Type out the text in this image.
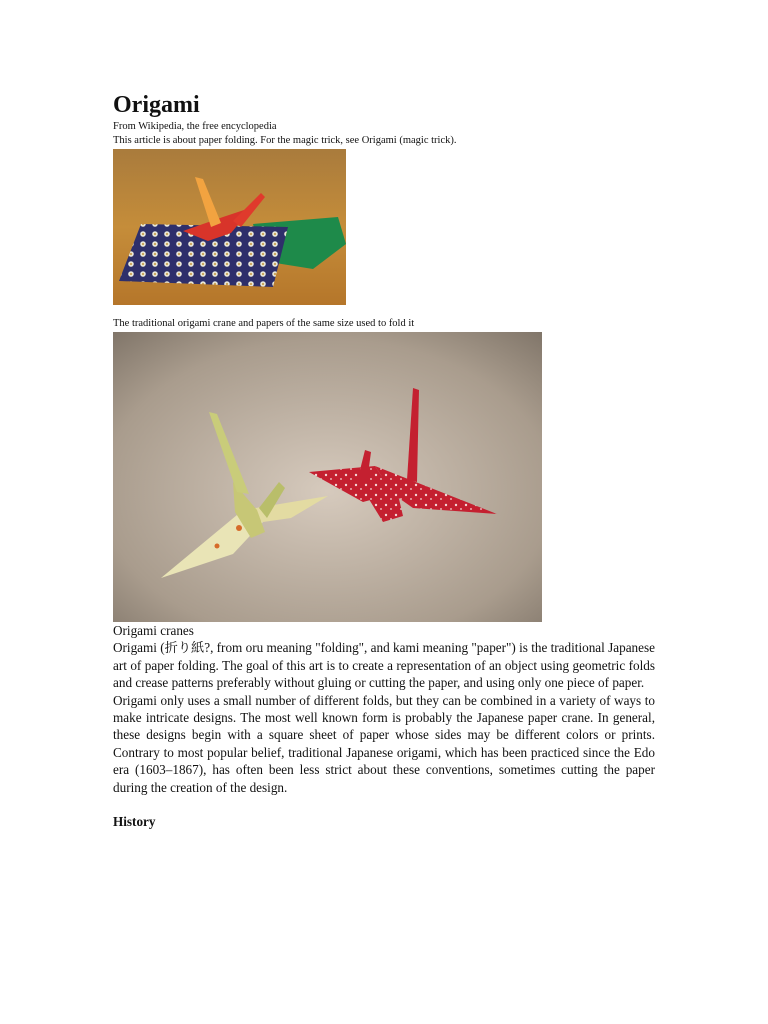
Origami
From Wikipedia, the free encyclopedia
This article is about paper folding. For the magic trick, see Origami (magic trick).
The traditional origami crane and papers of the same size used to fold it
Origami cranes

Origami (折り紙?, from oru meaning "folding", and kami meaning "paper") is the traditional Japanese art of paper folding. The goal of this art is to create a representation of an object using geometric folds and crease patterns preferably without gluing or cutting the paper, and using only one piece of paper.

Origami only uses a small number of different folds, but they can be combined in a variety of ways to make intricate designs. The most well known form is probably the Japanese paper crane. In general, these designs begin with a square sheet of paper whose sides may be different colors or prints. Contrary to most popular belief, traditional Japanese origami, which has been practiced since the Edo era (1603–1867), has often been less strict about these conventions, sometimes cutting the paper during the creation of the design.

History
